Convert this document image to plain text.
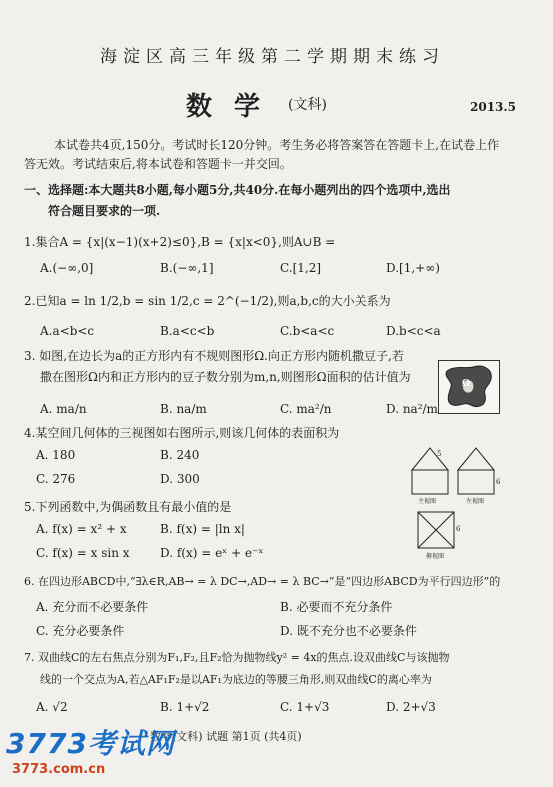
海淀区高三年级第二学期期末练习
数学 (文科)	2013.5
本试卷共4页,150分。考试时长120分钟。考生务必将答案答在答题卡上,在试卷上作
答无效。考试结束后,将本试卷和答题卡一并交回。
一、选择题:本大题共8小题,每小题5分,共40分.在每小题列出的四个选项中,选出
符合题目要求的一项.
1.集合A = {x|(x−1)(x+2)≤0},B = {x|x<0},则A∪B =
A.(−∞,0]	B.(−∞,1]	C.[1,2]	D.[1,+∞)
2.已知a = ln 1/2,b = sin 1/2,c = 2^(−1/2),则a,b,c的大小关系为
A.a<b<c	B.a<c<b	C.b<a<c	D.b<c<a
3. 如图,在边长为a的正方形内有不规则图形Ω.向正方形内随机撒豆子,若
撒在图形Ω内和正方形内的豆子数分别为m,n,则图形Ω面积的估计值为
A. ma/n	B. na/m	C. ma²/n	D. na²/m
Ω
4.某空间几何体的三视图如右图所示,则该几何体的表面积为
A. 180	B. 240
C. 276	D. 300
主视图	左视图
俯视图
5
6
6
5.下列函数中,为偶函数且有最小值的是
A. f(x) = x² + x	B. f(x) = |ln x|
C. f(x) = x sin x	D. f(x) = eˣ + e⁻ˣ
6. 在四边形ABCD中,“∃λ∈R,AB→ = λ DC→,AD→ = λ BC→”是“四边形ABCD为平行四边形”的
A. 充分而不必要条件	B. 必要而不充分条件
C. 充分必要条件	D. 既不充分也不必要条件
7. 双曲线C的左右焦点分别为F₁,F₂,且F₂恰为抛物线y² = 4x的焦点.设双曲线C与该抛物
线的一个交点为A,若△AF₁F₂是以AF₁为底边的等腰三角形,则双曲线C的离心率为
A. √2	B. 1+√2	C. 1+√3	D. 2+√3
数学(文科) 试题 第1页 (共4页)
3773考试网
3773.com.cn
